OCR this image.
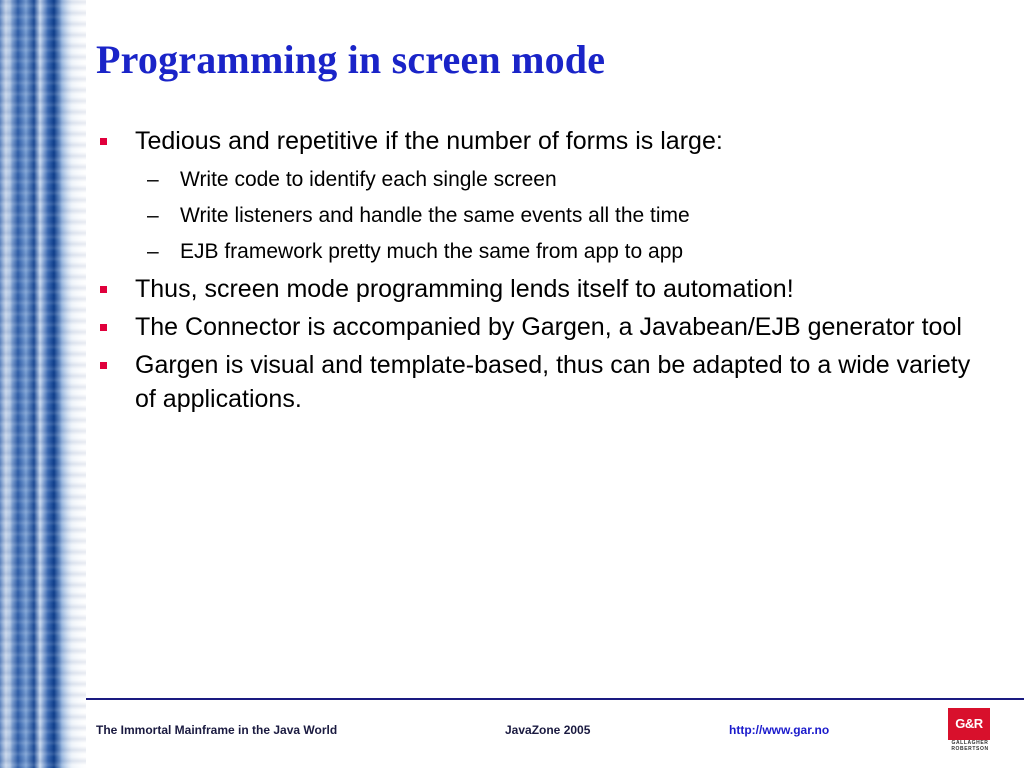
Programming in screen mode
Tedious and repetitive if the number of forms is large:
– Write code to identify each single screen
– Write listeners and handle the same events all the time
– EJB framework pretty much the same from app to app
Thus, screen mode programming lends itself to automation!
The Connector is accompanied by Gargen, a Javabean/EJB generator tool
Gargen is visual and template-based, thus can be adapted to a wide variety of applications.
The Immortal Mainframe in the Java World	JavaZone 2005	http://www.gar.no	G&R
GALLAGHER
ROBERTSON
